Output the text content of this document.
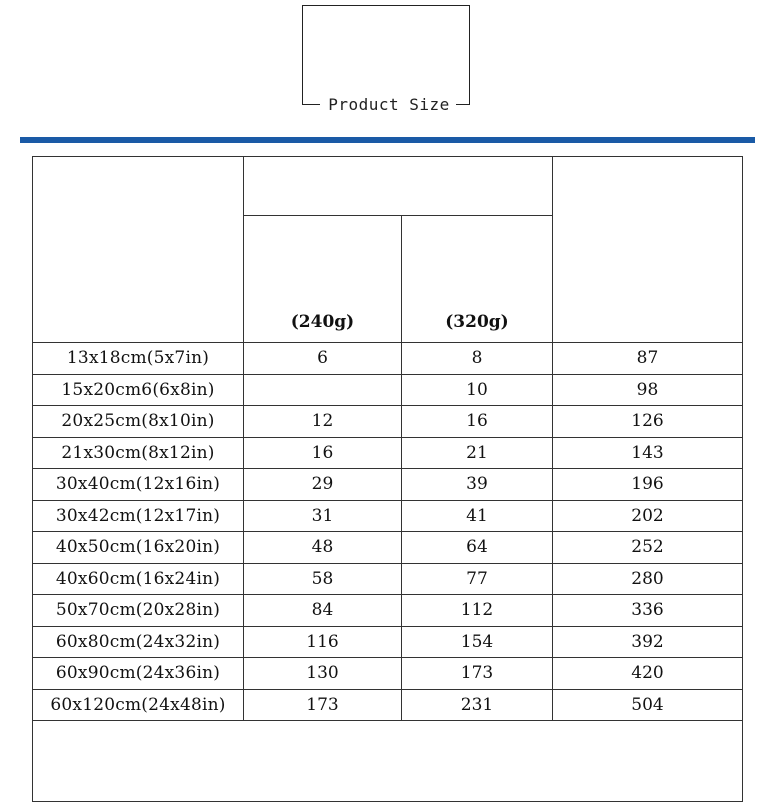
Product Size

	(240g)	(320g)	
13x18cm(5x7in)	6	8	87
15x20cm6(6x8in)		10	98
20x25cm(8x10in)	12	16	126
21x30cm(8x12in)	16	21	143
30x40cm(12x16in)	29	39	196
30x42cm(12x17in)	31	41	202
40x50cm(16x20in)	48	64	252
40x60cm(16x24in)	58	77	280
50x70cm(20x28in)	84	112	336
60x80cm(24x32in)	116	154	392
60x90cm(24x36in)	130	173	420
60x120cm(24x48in)	173	231	504
